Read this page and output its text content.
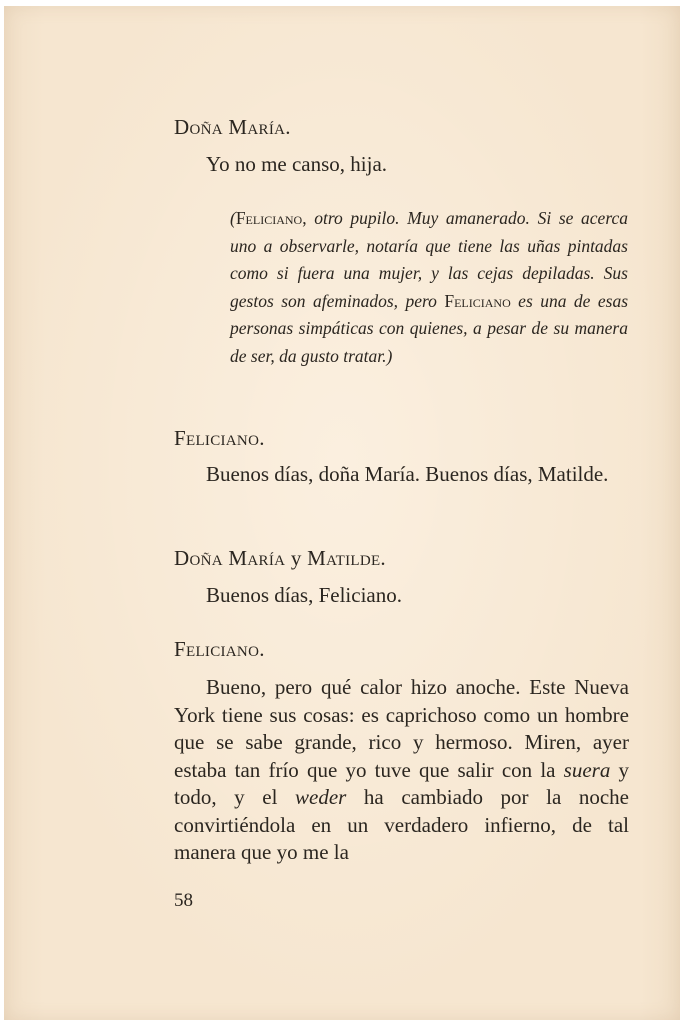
Doña María.

Yo no me canso, hija.

(Feliciano, otro pupilo. Muy amanerado. Si se acerca uno a observarle, notaría que tiene las uñas pintadas como si fuera una mujer, y las cejas depiladas. Sus gestos son afeminados, pero Feliciano es una de esas personas simpáticas con quienes, a pesar de su manera de ser, da gusto tratar.)
Feliciano.

Buenos días, doña María. Buenos días, Matilde.

Doña María y Matilde.

Buenos días, Feliciano.

Feliciano.

Bueno, pero qué calor hizo anoche. Este Nueva York tiene sus cosas: es caprichoso como un hombre que se sabe grande, rico y hermoso. Miren, ayer estaba tan frío que yo tuve que salir con la suera y todo, y el weder ha cambiado por la noche convirtiéndola en un verdadero infierno, de tal manera que yo me la

58
